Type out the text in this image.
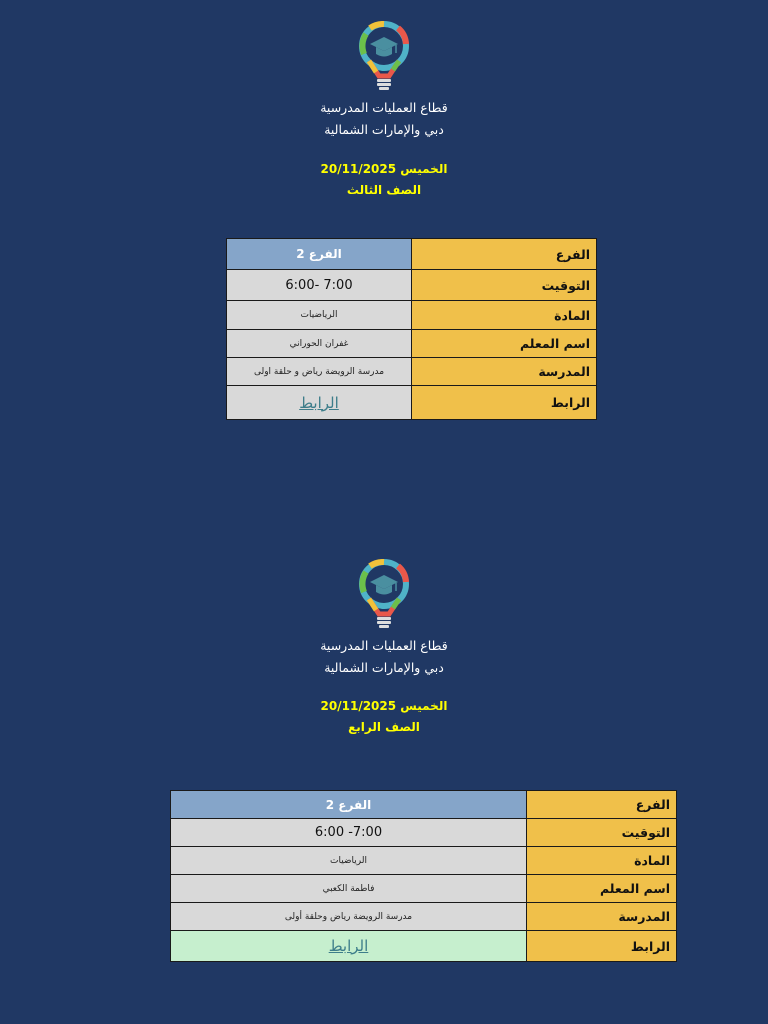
قطاع العمليات المدرسية
دبي والإمارات الشمالية
الخميس 20/11/2025
الصف الثالث
الفرع	الفرع 2
التوقيت	6:00- 7:00
المادة	الرياضيات
اسم المعلم	غفران الحوراني
المدرسة	مدرسة الرويضة رياض و حلقة اولى
الرابط	الرابط
قطاع العمليات المدرسية
دبي والإمارات الشمالية
الخميس 20/11/2025
الصف الرابع
الفرع	الفرع 2
التوقيت	6:00 -7:00
المادة	الرياضيات
اسم المعلم	فاطمة الكعبي
المدرسة	مدرسة الرويضة رياض وحلقة أولى
الرابط	الرابط
